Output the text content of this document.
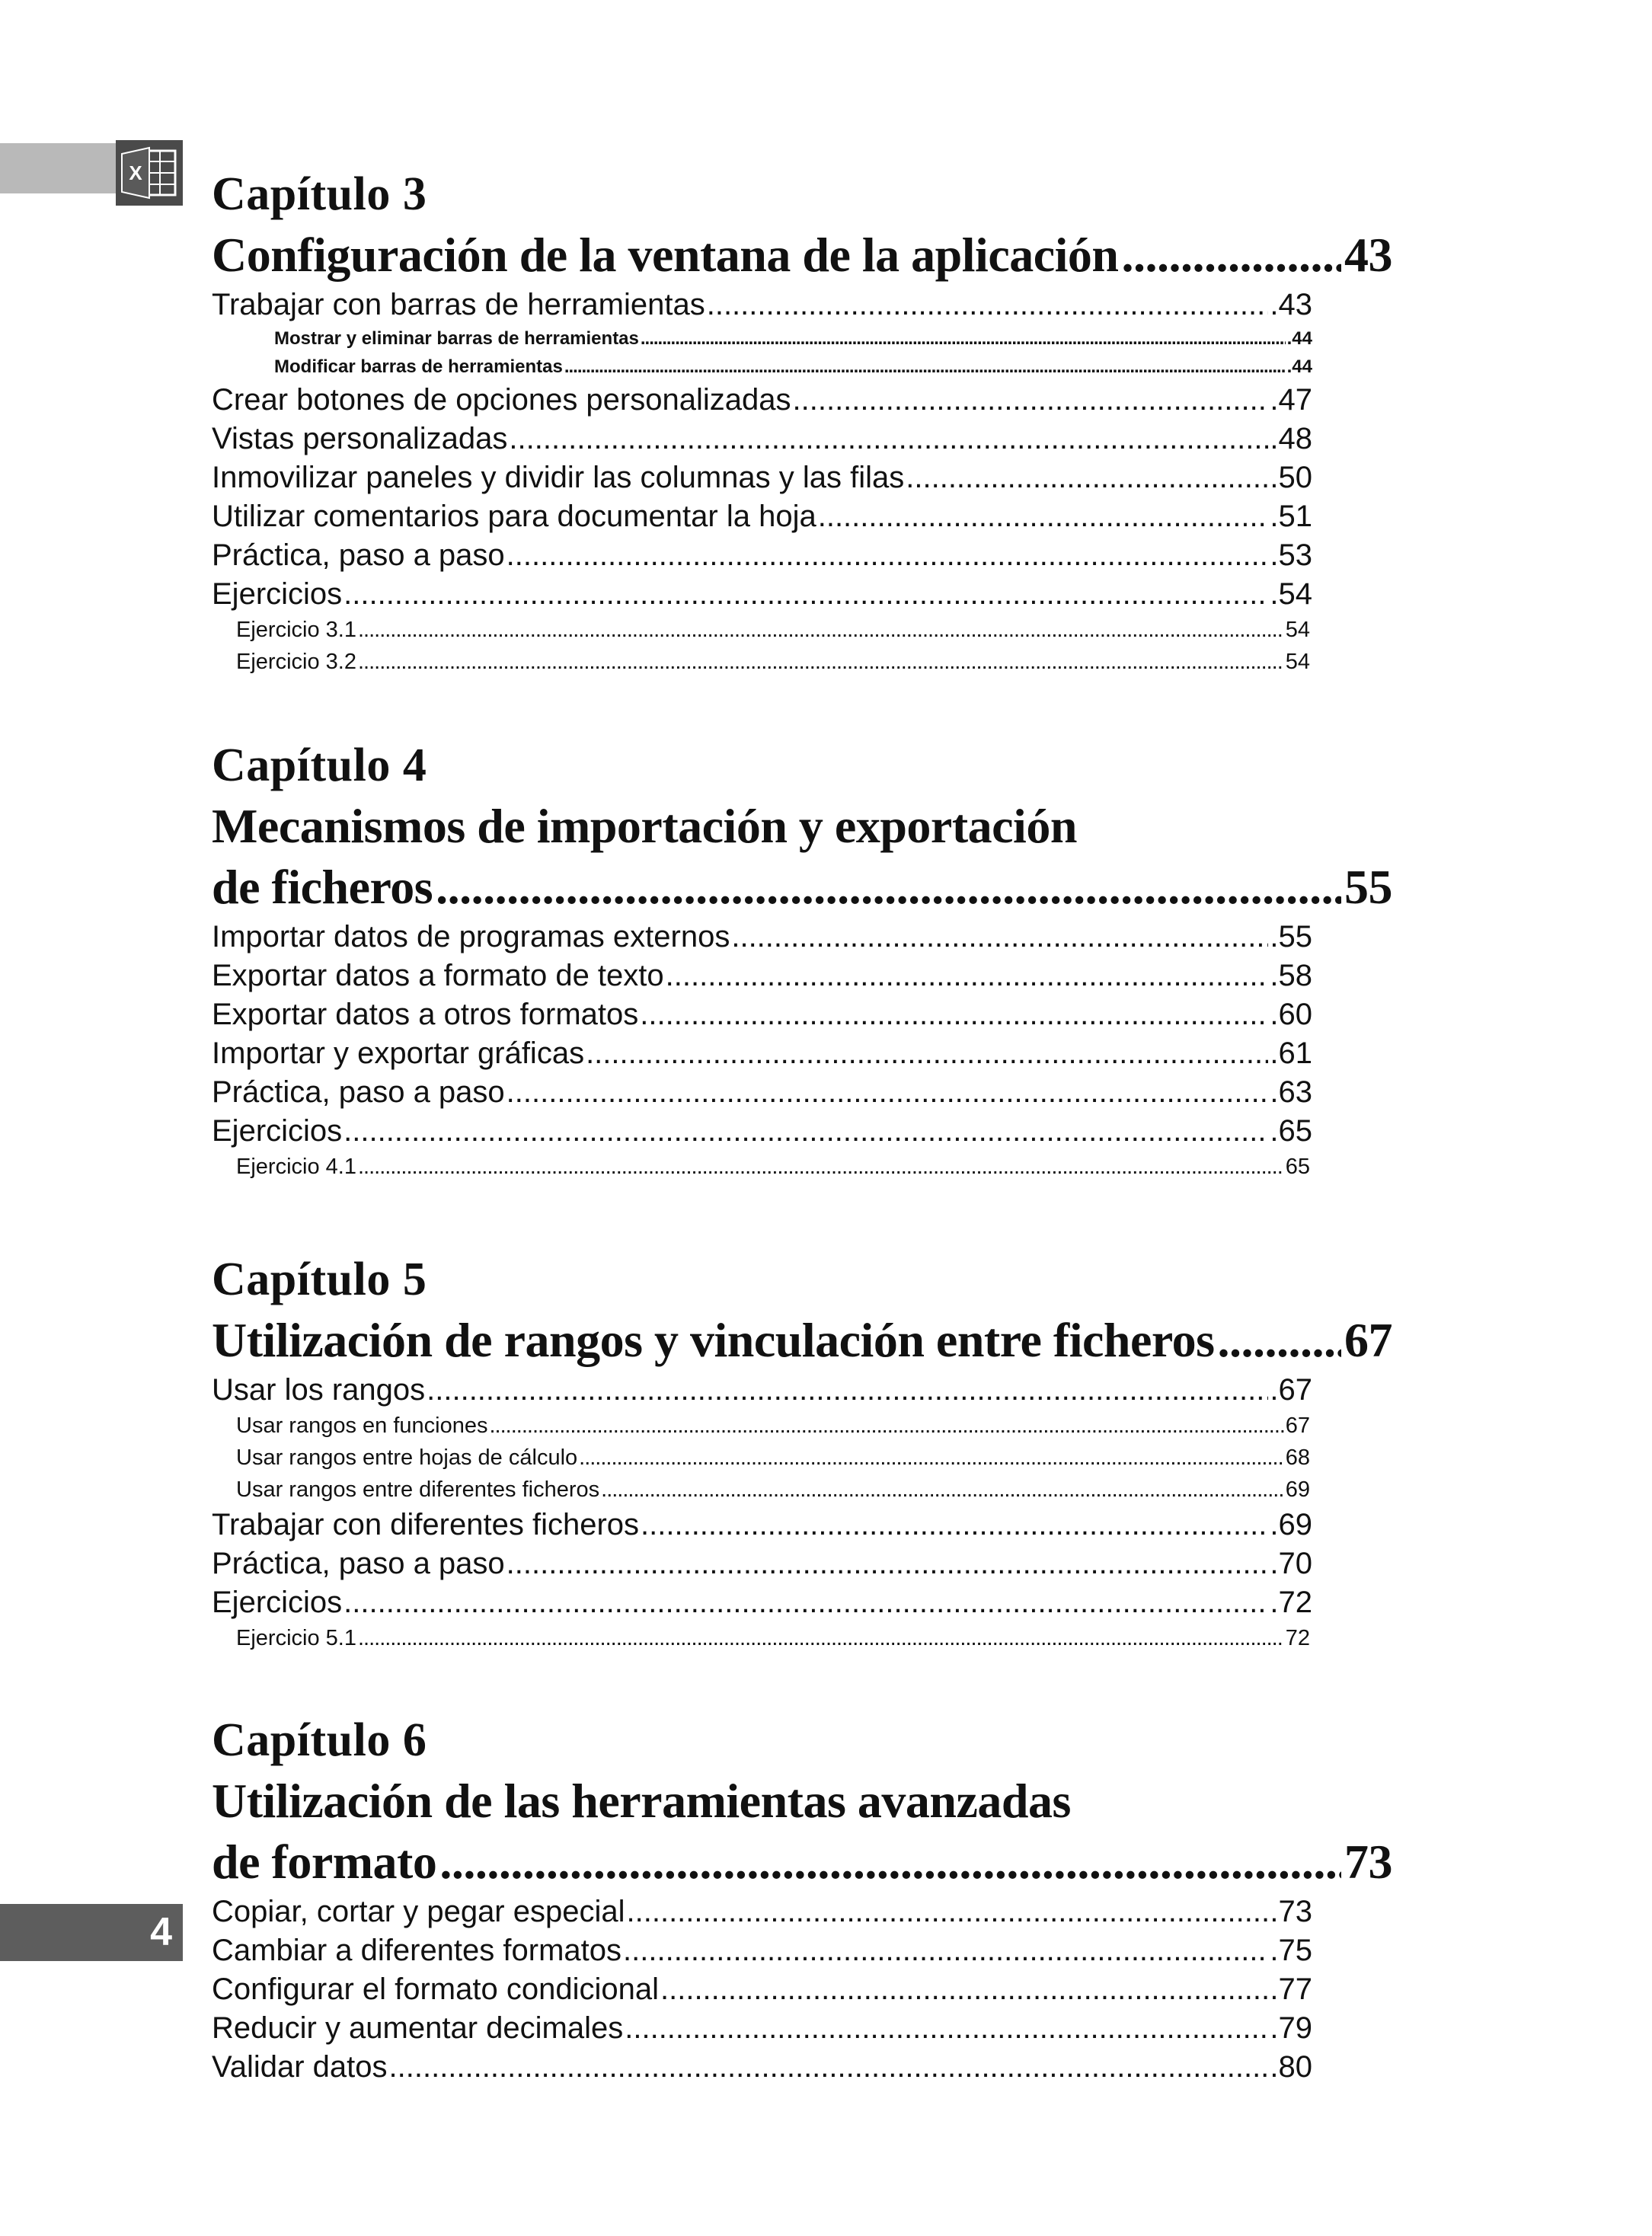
X
4
Capítulo 3
Configuración de la ventana de la aplicación .....	43
Trabajar con barras de herramientas .....	.43
Mostrar y eliminar barras de herramientas .....	.44
Modificar barras de herramientas .....	.44
Crear botones de opciones personalizadas .....	.47
Vistas personalizadas .....	.48
Inmovilizar paneles y dividir las columnas y las filas .....	.50
Utilizar comentarios para documentar la hoja .....	.51
Práctica, paso a paso .....	.53
Ejercicios .....	.54
Ejercicio 3.1 .....	54
Ejercicio 3.2 .....	54
Capítulo 4
Mecanismos de importación y exportación
de ficheros .....	55
Importar datos de programas externos .....	.55
Exportar datos a formato de texto .....	.58
Exportar datos a otros formatos .....	.60
Importar y exportar gráficas .....	.61
Práctica, paso a paso .....	.63
Ejercicios .....	.65
Ejercicio 4.1 .....	65
Capítulo 5
Utilización de rangos y vinculación entre ficheros .....	67
Usar los rangos .....	.67
Usar rangos en funciones .....	67
Usar rangos entre hojas de cálculo .....	68
Usar rangos entre diferentes ficheros .....	69
Trabajar con diferentes ficheros .....	.69
Práctica, paso a paso .....	.70
Ejercicios .....	.72
Ejercicio 5.1 .....	72
Capítulo 6
Utilización de las herramientas avanzadas
de formato .....	73
Copiar, cortar y pegar especial .....	.73
Cambiar a diferentes formatos .....	.75
Configurar el formato condicional .....	.77
Reducir y aumentar decimales .....	.79
Validar datos .....	.80
